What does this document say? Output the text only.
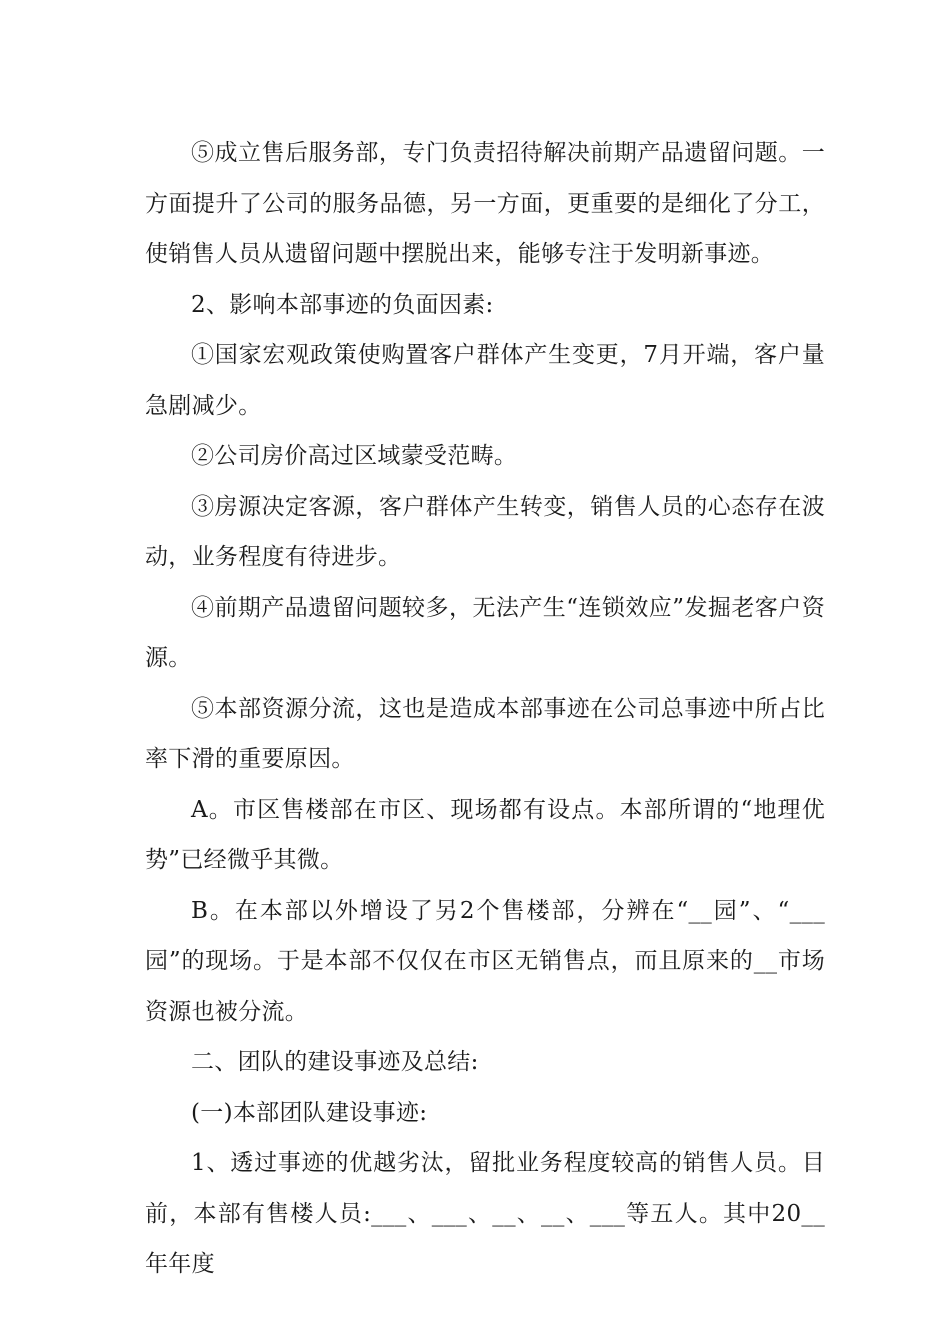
⑤成立售后服务部，专门负责招待解决前期产品遗留问题。一方面提升了公司的服务品德，另一方面，更重要的是细化了分工，使销售人员从遗留问题中摆脱出来，能够专注于发明新事迹。

2、影响本部事迹的负面因素:

①国家宏观政策使购置客户群体产生变更，7月开端，客户量急剧减少。

②公司房价高过区域蒙受范畴。

③房源决定客源，客户群体产生转变，销售人员的心态存在波动，业务程度有待进步。

④前期产品遗留问题较多，无法产生“连锁效应”发掘老客户资源。

⑤本部资源分流，这也是造成本部事迹在公司总事迹中所占比率下滑的重要原因。

A。市区售楼部在市区、现场都有设点。本部所谓的“地理优势”已经微乎其微。

B。在本部以外增设了另2个售楼部，分辨在“__园”、“___园”的现场。于是本部不仅仅在市区无销售点，而且原来的__市场资源也被分流。

二、团队的建设事迹及总结:

(一)本部团队建设事迹:

1、透过事迹的优越劣汰，留批业务程度较高的销售人员。目前，本部有售楼人员:___、___、__、__、___等五人。其中20__年年度
